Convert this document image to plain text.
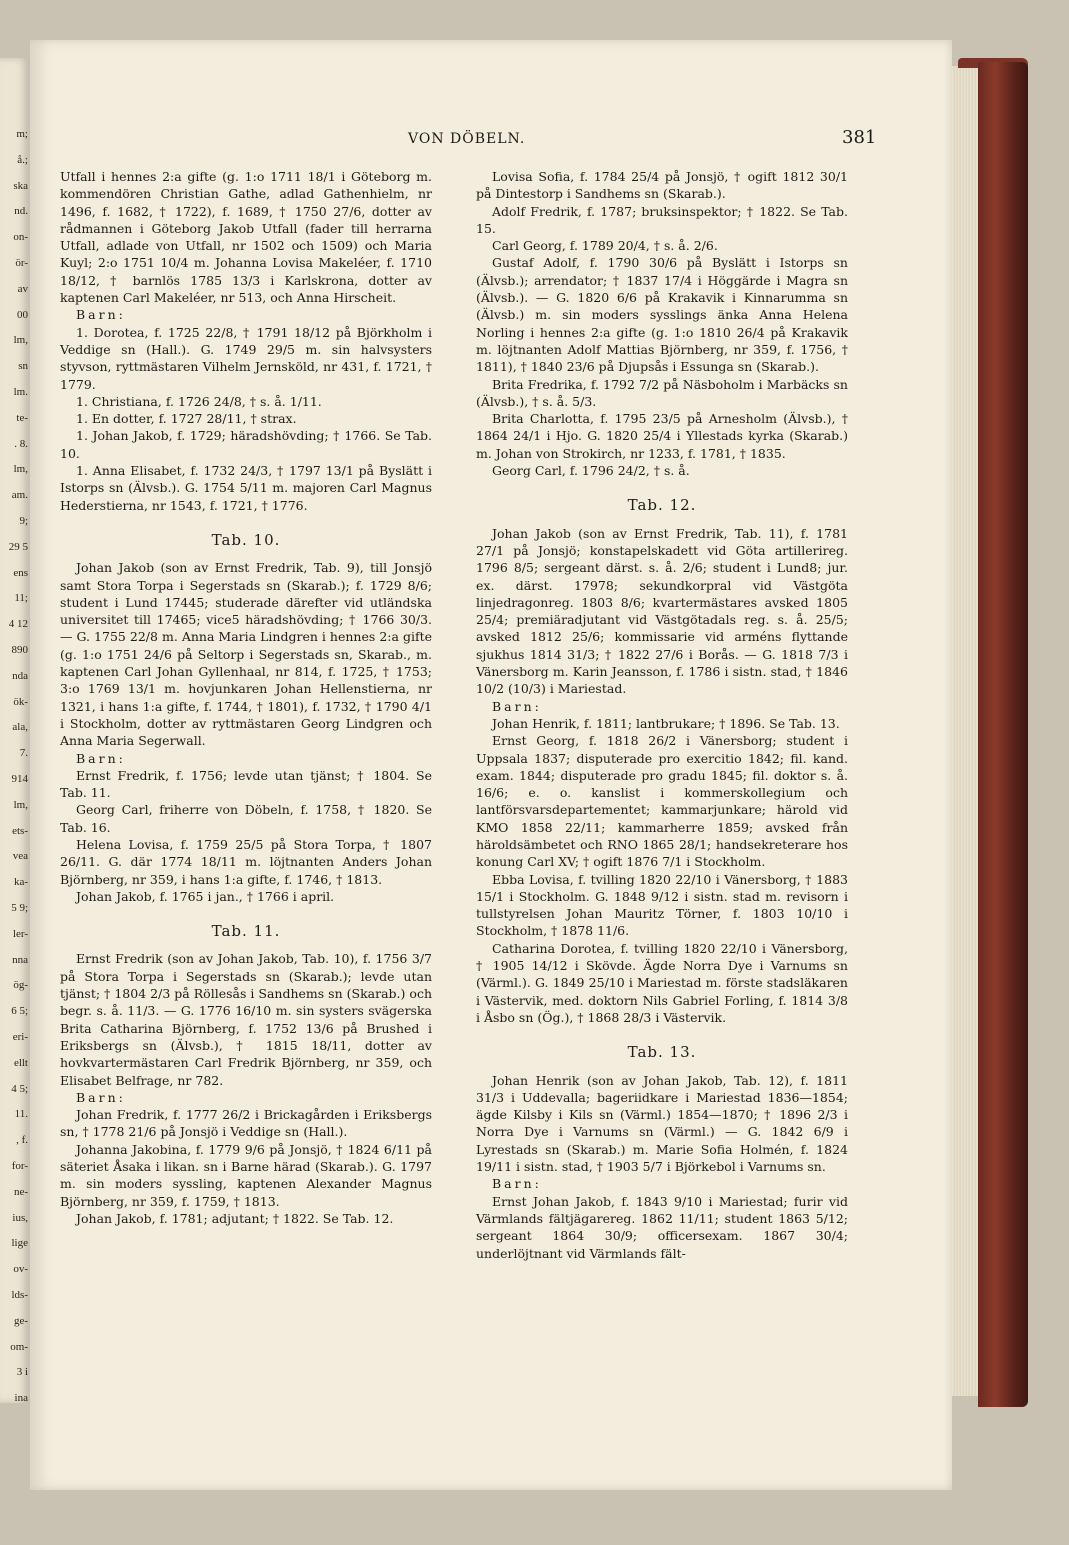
m;
å.;
ska
nd.
on-
ör-
av
00
lm,
sn
lm.
te-
. 8.
lm,
am.
9;
29 5
ens
11;
4 12
890
nda
ök-
ala,
7.
914
lm,
ets-
vea
ka-
5 9;
ler-
nna
ög-
6 5;
eri-
ellt
4 5;
11.
, f.
for-
ne-
ius,
lige
ov-
lds-
ge-
om-
3 i
ina
VON DÖBELN.	381

Utfall i hennes 2:a gifte (g. 1:o 1711 18/1 i Göteborg m. kommendören Christian Gathe, adlad Gathenhielm, nr 1496, f. 1682, † 1722), f. 1689, † 1750 27/6, dotter av rådmannen i Göteborg Jakob Utfall (fader till herrarna Utfall, adlade von Utfall, nr 1502 och 1509) och Maria Kuyl; 2:o 1751 10/4 m. Johanna Lovisa Makeléer, f. 1710 18/12, † barnlös 1785 13/3 i Karlskrona, dotter av kaptenen Carl Makeléer, nr 513, och Anna Hirscheit.

Barn:

1. Dorotea, f. 1725 22/8, † 1791 18/12 på Björkholm i Veddige sn (Hall.). G. 1749 29/5 m. sin halvsysters styvson, ryttmästaren Vilhelm Jernsköld, nr 431, f. 1721, † 1779.

1. Christiana, f. 1726 24/8, † s. å. 1/11.

1. En dotter, f. 1727 28/11, † strax.

1. Johan Jakob, f. 1729; häradshövding; † 1766. Se Tab. 10.

1. Anna Elisabet, f. 1732 24/3, † 1797 13/1 på Byslätt i Istorps sn (Älvsb.). G. 1754 5/11 m. majoren Carl Magnus Hederstierna, nr 1543, f. 1721, † 1776.

Tab. 10.

Johan Jakob (son av Ernst Fredrik, Tab. 9), till Jonsjö samt Stora Torpa i Segerstads sn (Skarab.); f. 1729 8/6; student i Lund 17445; studerade därefter vid utländska universitet till 17465; vice5 häradshövding; † 1766 30/3. — G. 1755 22/8 m. Anna Maria Lindgren i hennes 2:a gifte (g. 1:o 1751 24/6 på Seltorp i Segerstads sn, Skarab., m. kaptenen Carl Johan Gyllenhaal, nr 814, f. 1725, † 1753; 3:o 1769 13/1 m. hovjunkaren Johan Hellenstierna, nr 1321, i hans 1:a gifte, f. 1744, † 1801), f. 1732, † 1790 4/1 i Stockholm, dotter av ryttmästaren Georg Lindgren och Anna Maria Segerwall.

Barn:

Ernst Fredrik, f. 1756; levde utan tjänst; † 1804. Se Tab. 11.

Georg Carl, friherre von Döbeln, f. 1758, † 1820. Se Tab. 16.

Helena Lovisa, f. 1759 25/5 på Stora Torpa, † 1807 26/11. G. där 1774 18/11 m. löjtnanten Anders Johan Björnberg, nr 359, i hans 1:a gifte, f. 1746, † 1813.

Johan Jakob, f. 1765 i jan., † 1766 i april.

Tab. 11.

Ernst Fredrik (son av Johan Jakob, Tab. 10), f. 1756 3/7 på Stora Torpa i Segerstads sn (Skarab.); levde utan tjänst; † 1804 2/3 på Röllesås i Sandhems sn (Skarab.) och begr. s. å. 11/3. — G. 1776 16/10 m. sin systers svägerska Brita Catharina Björnberg, f. 1752 13/6 på Brushed i Eriksbergs sn (Älvsb.), † 1815 18/11, dotter av hovkvartermästaren Carl Fredrik Björnberg, nr 359, och Elisabet Belfrage, nr 782.

Barn:

Johan Fredrik, f. 1777 26/2 i Brickagården i Eriksbergs sn, † 1778 21/6 på Jonsjö i Veddige sn (Hall.).

Johanna Jakobina, f. 1779 9/6 på Jonsjö, † 1824 6/11 på säteriet Åsaka i likan. sn i Barne härad (Skarab.). G. 1797 m. sin moders syssling, kaptenen Alexander Magnus Björnberg, nr 359, f. 1759, † 1813.

Johan Jakob, f. 1781; adjutant; † 1822. Se Tab. 12.

Lovisa Sofia, f. 1784 25/4 på Jonsjö, † ogift 1812 30/1 på Dintestorp i Sandhems sn (Skarab.).

Adolf Fredrik, f. 1787; bruksinspektor; † 1822. Se Tab. 15.

Carl Georg, f. 1789 20/4, † s. å. 2/6.

Gustaf Adolf, f. 1790 30/6 på Byslätt i Istorps sn (Älvsb.); arrendator; † 1837 17/4 i Höggärde i Magra sn (Älvsb.). — G. 1820 6/6 på Krakavik i Kinnarumma sn (Älvsb.) m. sin moders sysslings änka Anna Helena Norling i hennes 2:a gifte (g. 1:o 1810 26/4 på Krakavik m. löjtnanten Adolf Mattias Björnberg, nr 359, f. 1756, † 1811), † 1840 23/6 på Djupsås i Essunga sn (Skarab.).

Brita Fredrika, f. 1792 7/2 på Näsboholm i Marbäcks sn (Älvsb.), † s. å. 5/3.

Brita Charlotta, f. 1795 23/5 på Arnesholm (Älvsb.), † 1864 24/1 i Hjo. G. 1820 25/4 i Yllestads kyrka (Skarab.) m. Johan von Strokirch, nr 1233, f. 1781, † 1835.

Georg Carl, f. 1796 24/2, † s. å.

Tab. 12.

Johan Jakob (son av Ernst Fredrik, Tab. 11), f. 1781 27/1 på Jonsjö; konstapelskadett vid Göta artillerireg. 1796 8/5; sergeant därst. s. å. 2/6; student i Lund8; jur. ex. därst. 17978; sekundkorpral vid Västgöta linjedragonreg. 1803 8/6; kvartermästares avsked 1805 25/4; premiäradjutant vid Västgötadals reg. s. å. 25/5; avsked 1812 25/6; kommissarie vid arméns flyttande sjukhus 1814 31/3; † 1822 27/6 i Borås. — G. 1818 7/3 i Vänersborg m. Karin Jeansson, f. 1786 i sistn. stad, † 1846 10/2 (10/3) i Mariestad.

Barn:

Johan Henrik, f. 1811; lantbrukare; † 1896. Se Tab. 13.

Ernst Georg, f. 1818 26/2 i Vänersborg; student i Uppsala 1837; disputerade pro exercitio 1842; fil. kand. exam. 1844; disputerade pro gradu 1845; fil. doktor s. å. 16/6; e. o. kanslist i kommerskollegium och lantförsvarsdepartementet; kammarjunkare; härold vid KMO 1858 22/11; kammarherre 1859; avsked från häroldsämbetet och RNO 1865 28/1; handsekreterare hos konung Carl XV; † ogift 1876 7/1 i Stockholm.

Ebba Lovisa, f. tvilling 1820 22/10 i Vänersborg, † 1883 15/1 i Stockholm. G. 1848 9/12 i sistn. stad m. revisorn i tullstyrelsen Johan Mauritz Törner, f. 1803 10/10 i Stockholm, † 1878 11/6.

Catharina Dorotea, f. tvilling 1820 22/10 i Vänersborg, † 1905 14/12 i Skövde. Ägde Norra Dye i Varnums sn (Värml.). G. 1849 25/10 i Mariestad m. förste stadsläkaren i Västervik, med. doktorn Nils Gabriel Forling, f. 1814 3/8 i Åsbo sn (Ög.), † 1868 28/3 i Västervik.

Tab. 13.

Johan Henrik (son av Johan Jakob, Tab. 12), f. 1811 31/3 i Uddevalla; bageriidkare i Mariestad 1836—1854; ägde Kilsby i Kils sn (Värml.) 1854—1870; † 1896 2/3 i Norra Dye i Varnums sn (Värml.) — G. 1842 6/9 i Lyrestads sn (Skarab.) m. Marie Sofia Holmén, f. 1824 19/11 i sistn. stad, † 1903 5/7 i Björkebol i Varnums sn.

Barn:

Ernst Johan Jakob, f. 1843 9/10 i Mariestad; furir vid Värmlands fältjägarereg. 1862 11/11; student 1863 5/12; sergeant 1864 30/9; officersexam. 1867 30/4; underlöjtnant vid Värmlands fält-
